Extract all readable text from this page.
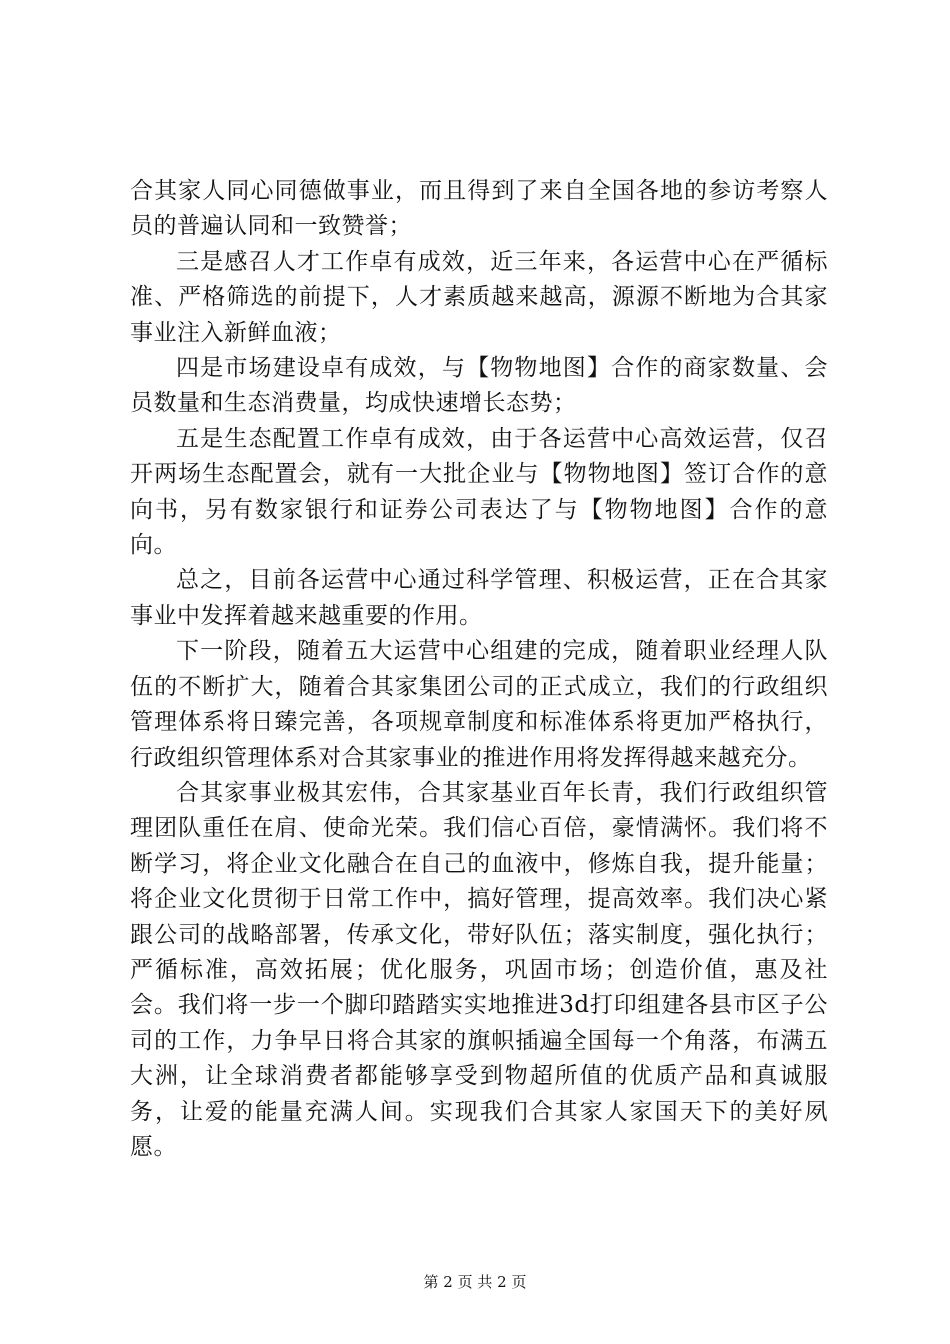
合其家人同心同德做事业，而且得到了来自全国各地的参访考察人员的普遍认同和一致赞誉；

三是感召人才工作卓有成效，近三年来，各运营中心在严循标准、严格筛选的前提下，人才素质越来越高，源源不断地为合其家事业注入新鲜血液；

四是市场建设卓有成效，与【物物地图】合作的商家数量、会员数量和生态消费量，均成快速增长态势；

五是生态配置工作卓有成效，由于各运营中心高效运营，仅召开两场生态配置会，就有一大批企业与【物物地图】签订合作的意向书，另有数家银行和证券公司表达了与【物物地图】合作的意向。

总之，目前各运营中心通过科学管理、积极运营，正在合其家事业中发挥着越来越重要的作用。

下一阶段，随着五大运营中心组建的完成，随着职业经理人队伍的不断扩大，随着合其家集团公司的正式成立，我们的行政组织管理体系将日臻完善，各项规章制度和标准体系将更加严格执行，行政组织管理体系对合其家事业的推进作用将发挥得越来越充分。

合其家事业极其宏伟，合其家基业百年长青，我们行政组织管理团队重任在肩、使命光荣。我们信心百倍，豪情满怀。我们将不断学习，将企业文化融合在自己的血液中，修炼自我，提升能量；将企业文化贯彻于日常工作中，搞好管理，提高效率。我们决心紧跟公司的战略部署，传承文化，带好队伍；落实制度，强化执行；严循标准，高效拓展；优化服务，巩固市场；创造价值，惠及社会。我们将一步一个脚印踏踏实实地推进3d打印组建各县市区子公司的工作，力争早日将合其家的旗帜插遍全国每一个角落，布满五大洲，让全球消费者都能够享受到物超所值的优质产品和真诚服务，让爱的能量充满人间。实现我们合其家人家国天下的美好夙愿。

第 2 页 共 2 页
